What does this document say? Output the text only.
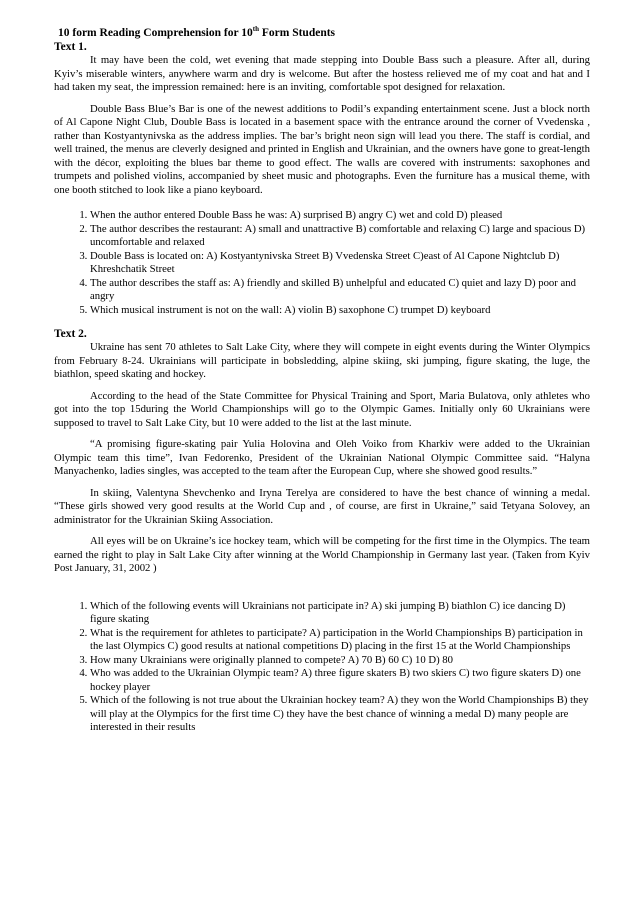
10 form Reading Comprehension for 10th Form Students
Text 1.

It may have been the cold, wet evening that made stepping into Double Bass such a pleasure. After all, during Kyiv’s miserable winters, anywhere warm and dry is welcome. But after the hostess relieved me of my coat and hat and I had taken my seat, the impression remained: here is an inviting, comfortable spot designed for relaxation.

Double Bass Blue’s Bar is one of the newest additions to Podil’s expanding entertainment scene. Just a block north of Al Capone Night Club, Double Bass is located in a basement space with the entrance around the corner of Vvedenska , rather than Kostyantynivska as the address implies. The bar’s bright neon sign will lead you there. The staff is cordial, and well trained, the menus are cleverly designed and printed in English and Ukrainian, and the owners have gone to great-length with the décor, exploiting the blues bar theme to good effect. The walls are covered with instruments: saxophones and trumpets and polished violins, accompanied by sheet music and photographs. Even the furniture has a musical theme, with one booth stitched to look like a piano keyboard.

1. When the author entered Double Bass he was: A) surprised B) angry C) wet and cold D) pleased
2. The author describes the restaurant: A) small and unattractive B) comfortable and relaxing C) large and spacious D) uncomfortable and relaxed
3. Double Bass is located on: A) Kostyantynivska Street B) Vvedenska Street C)east of Al Capone Nightclub D) Khreshchatik Street
4. The author describes the staff as: A) friendly and skilled B) unhelpful and educated C) quiet and lazy D) poor and angry
5. Which musical instrument is not on the wall: A) violin B) saxophone C) trumpet D) keyboard
Text 2.

Ukraine has sent 70 athletes to Salt Lake City, where they will compete in eight events during the Winter Olympics from February 8-24. Ukrainians will participate in bobsledding, alpine skiing, ski jumping, figure skating, the luge, the biathlon, speed skating and hockey.

According to the head of the State Committee for Physical Training and Sport, Maria Bulatova, only athletes who got into the top 15during the World Championships will go to the Olympic Games. Initially only 60 Ukrainians were supposed to travel to Salt Lake City, but 10 were added to the list at the last minute.

“A promising figure-skating pair Yulia Holovina and Oleh Voiko from Kharkiv were added to the Ukrainian Olympic team this time”, Ivan Fedorenko, President of the Ukrainian National Olympic Committee said. “Halyna Manyachenko, ladies singles, was accepted to the team after the European Cup, where she showed good results.”

In skiing, Valentyna Shevchenko and Iryna Terelya are considered to have the best chance of winning a medal. “These girls showed very good results at the World Cup and , of course, are first in Ukraine,” said Tetyana Solovey, an administrator for the Ukrainian Skiing Association.

All eyes will be on Ukraine’s ice hockey team, which will be competing for the first time in the Olympics. The team earned the right to play in Salt Lake City after winning at the World Championship in Germany last year. (Taken from Kyiv Post January, 31, 2002 )

1. Which of the following events will Ukrainians not participate in? A) ski jumping B) biathlon C) ice dancing D) figure skating
2. What is the requirement for athletes to participate? A) participation in the World Championships B) participation in the last Olympics C) good results at national competitions D) placing in the first 15 at the World Championships
3. How many Ukrainians were originally planned to compete? A) 70 B) 60 C) 10 D) 80
4. Who was added to the Ukrainian Olympic team? A) three figure skaters B) two skiers C) two figure skaters D) one hockey player
5. Which of the following is not true about the Ukrainian hockey team? A) they won the World Championships B) they will play at the Olympics for the first time C) they have the best chance of winning a medal D) many people are interested in their results
